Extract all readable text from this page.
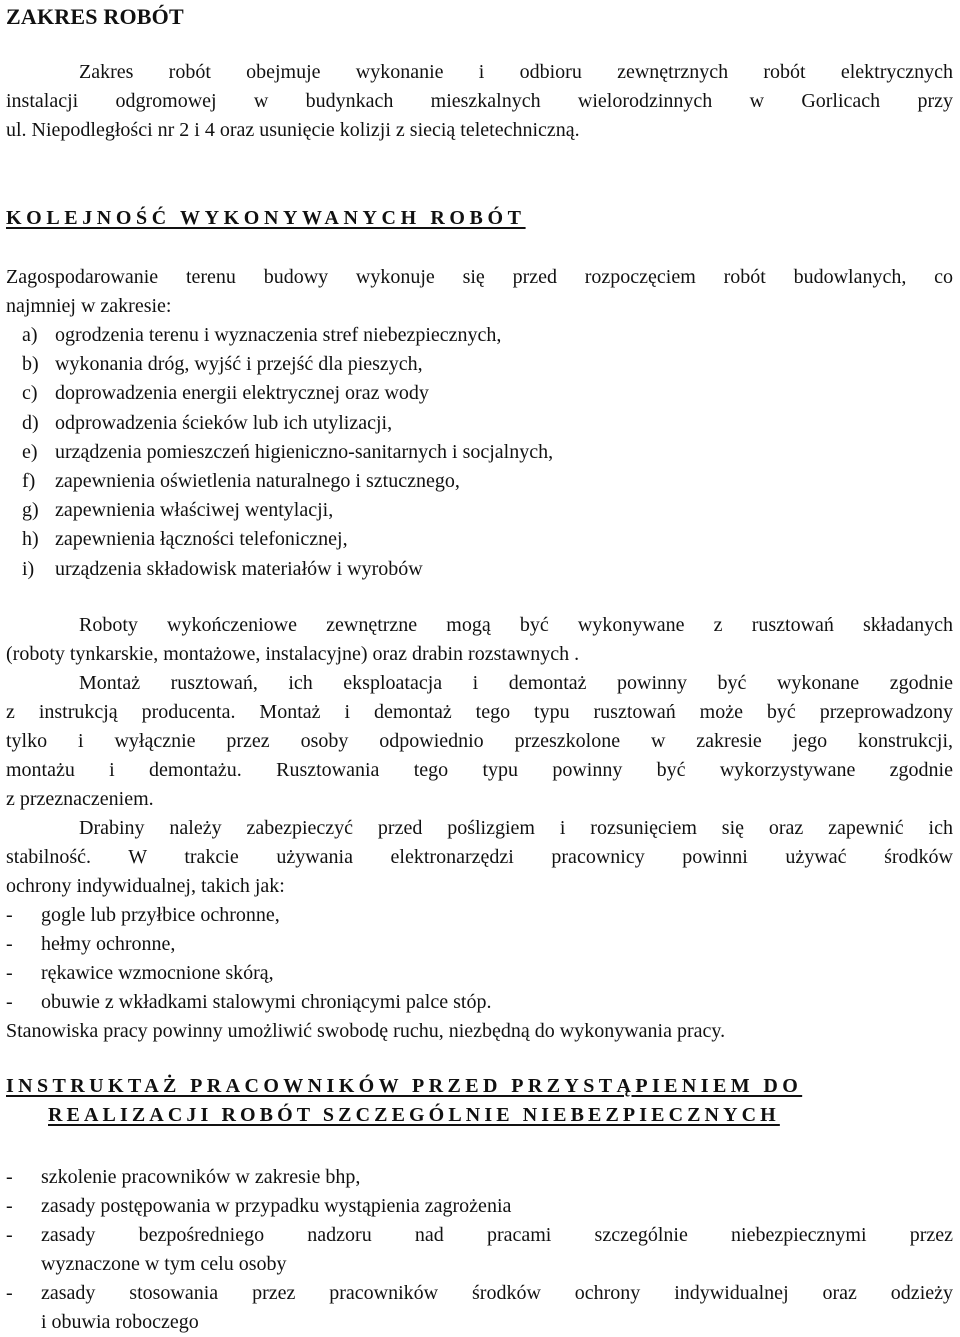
ZAKRES ROBÓT

Zakres robót obejmuje wykonanie i odbioru zewnętrznych robót elektrycznych
instalacji odgromowej w budynkach mieszkalnych wielorodzinnych w Gorlicach przy
ul. Niepodległości nr 2 i 4 oraz usunięcie kolizji z siecią teletechniczną.

KOLEJNOŚĆ WYKONYWANYCH ROBÓT

Zagospodarowanie terenu budowy wykonuje się przed rozpoczęciem robót budowlanych, co
najmniej w zakresie:

a) ogrodzenia terenu i wyznaczenia stref niebezpiecznych,
b) wykonania dróg, wyjść i przejść dla pieszych,
c) doprowadzenia energii elektrycznej oraz wody
d) odprowadzenia ścieków lub ich utylizacji,
e) urządzenia pomieszczeń higieniczno-sanitarnych i socjalnych,
f) zapewnienia oświetlenia naturalnego i sztucznego,
g) zapewnienia właściwej wentylacji,
h) zapewnienia łączności telefonicznej,
i)	urządzenia składowisk materiałów i wyrobów

Roboty wykończeniowe zewnętrzne mogą być wykonywane z rusztowań składanych
(roboty tynkarskie, montażowe, instalacyjne) oraz drabin rozstawnych .
Montaż rusztowań, ich eksploatacja i demontaż powinny być wykonane zgodnie
z instrukcją producenta. Montaż i demontaż tego typu rusztowań może być przeprowadzony
tylko i wyłącznie przez osoby odpowiednio przeszkolone w zakresie jego konstrukcji,
montażu i demontażu. Rusztowania tego typu powinny być wykorzystywane zgodnie
z przeznaczeniem.

Drabiny należy zabezpieczyć przed poślizgiem i rozsunięciem się oraz zapewnić ich
stabilność. W trakcie używania elektronarzędzi pracownicy powinni używać środków
ochrony indywidualnej, takich jak:

-	gogle lub przyłbice ochronne,
-	hełmy ochronne,
-	rękawice wzmocnione skórą,
-	obuwie z wkładkami stalowymi chroniącymi palce stóp.

Stanowiska pracy powinny umożliwić swobodę ruchu, niezbędną do wykonywania pracy.

INSTRUKTAŻ PRACOWNIKÓW PRZED PRZYSTĄPIENIEM DO
REALIZACJI ROBÓT SZCZEGÓLNIE NIEBEZPIECZNYCH
-	szkolenie pracowników w zakresie bhp,
-	zasady postępowania w przypadku wystąpienia zagrożenia
-	zasady bezpośredniego nadzoru nad pracami szczególnie niebezpiecznymi przez
wyznaczone w tym celu osoby
-	zasady stosowania przez pracowników środków ochrony indywidualnej oraz odzieży
i obuwia roboczego
